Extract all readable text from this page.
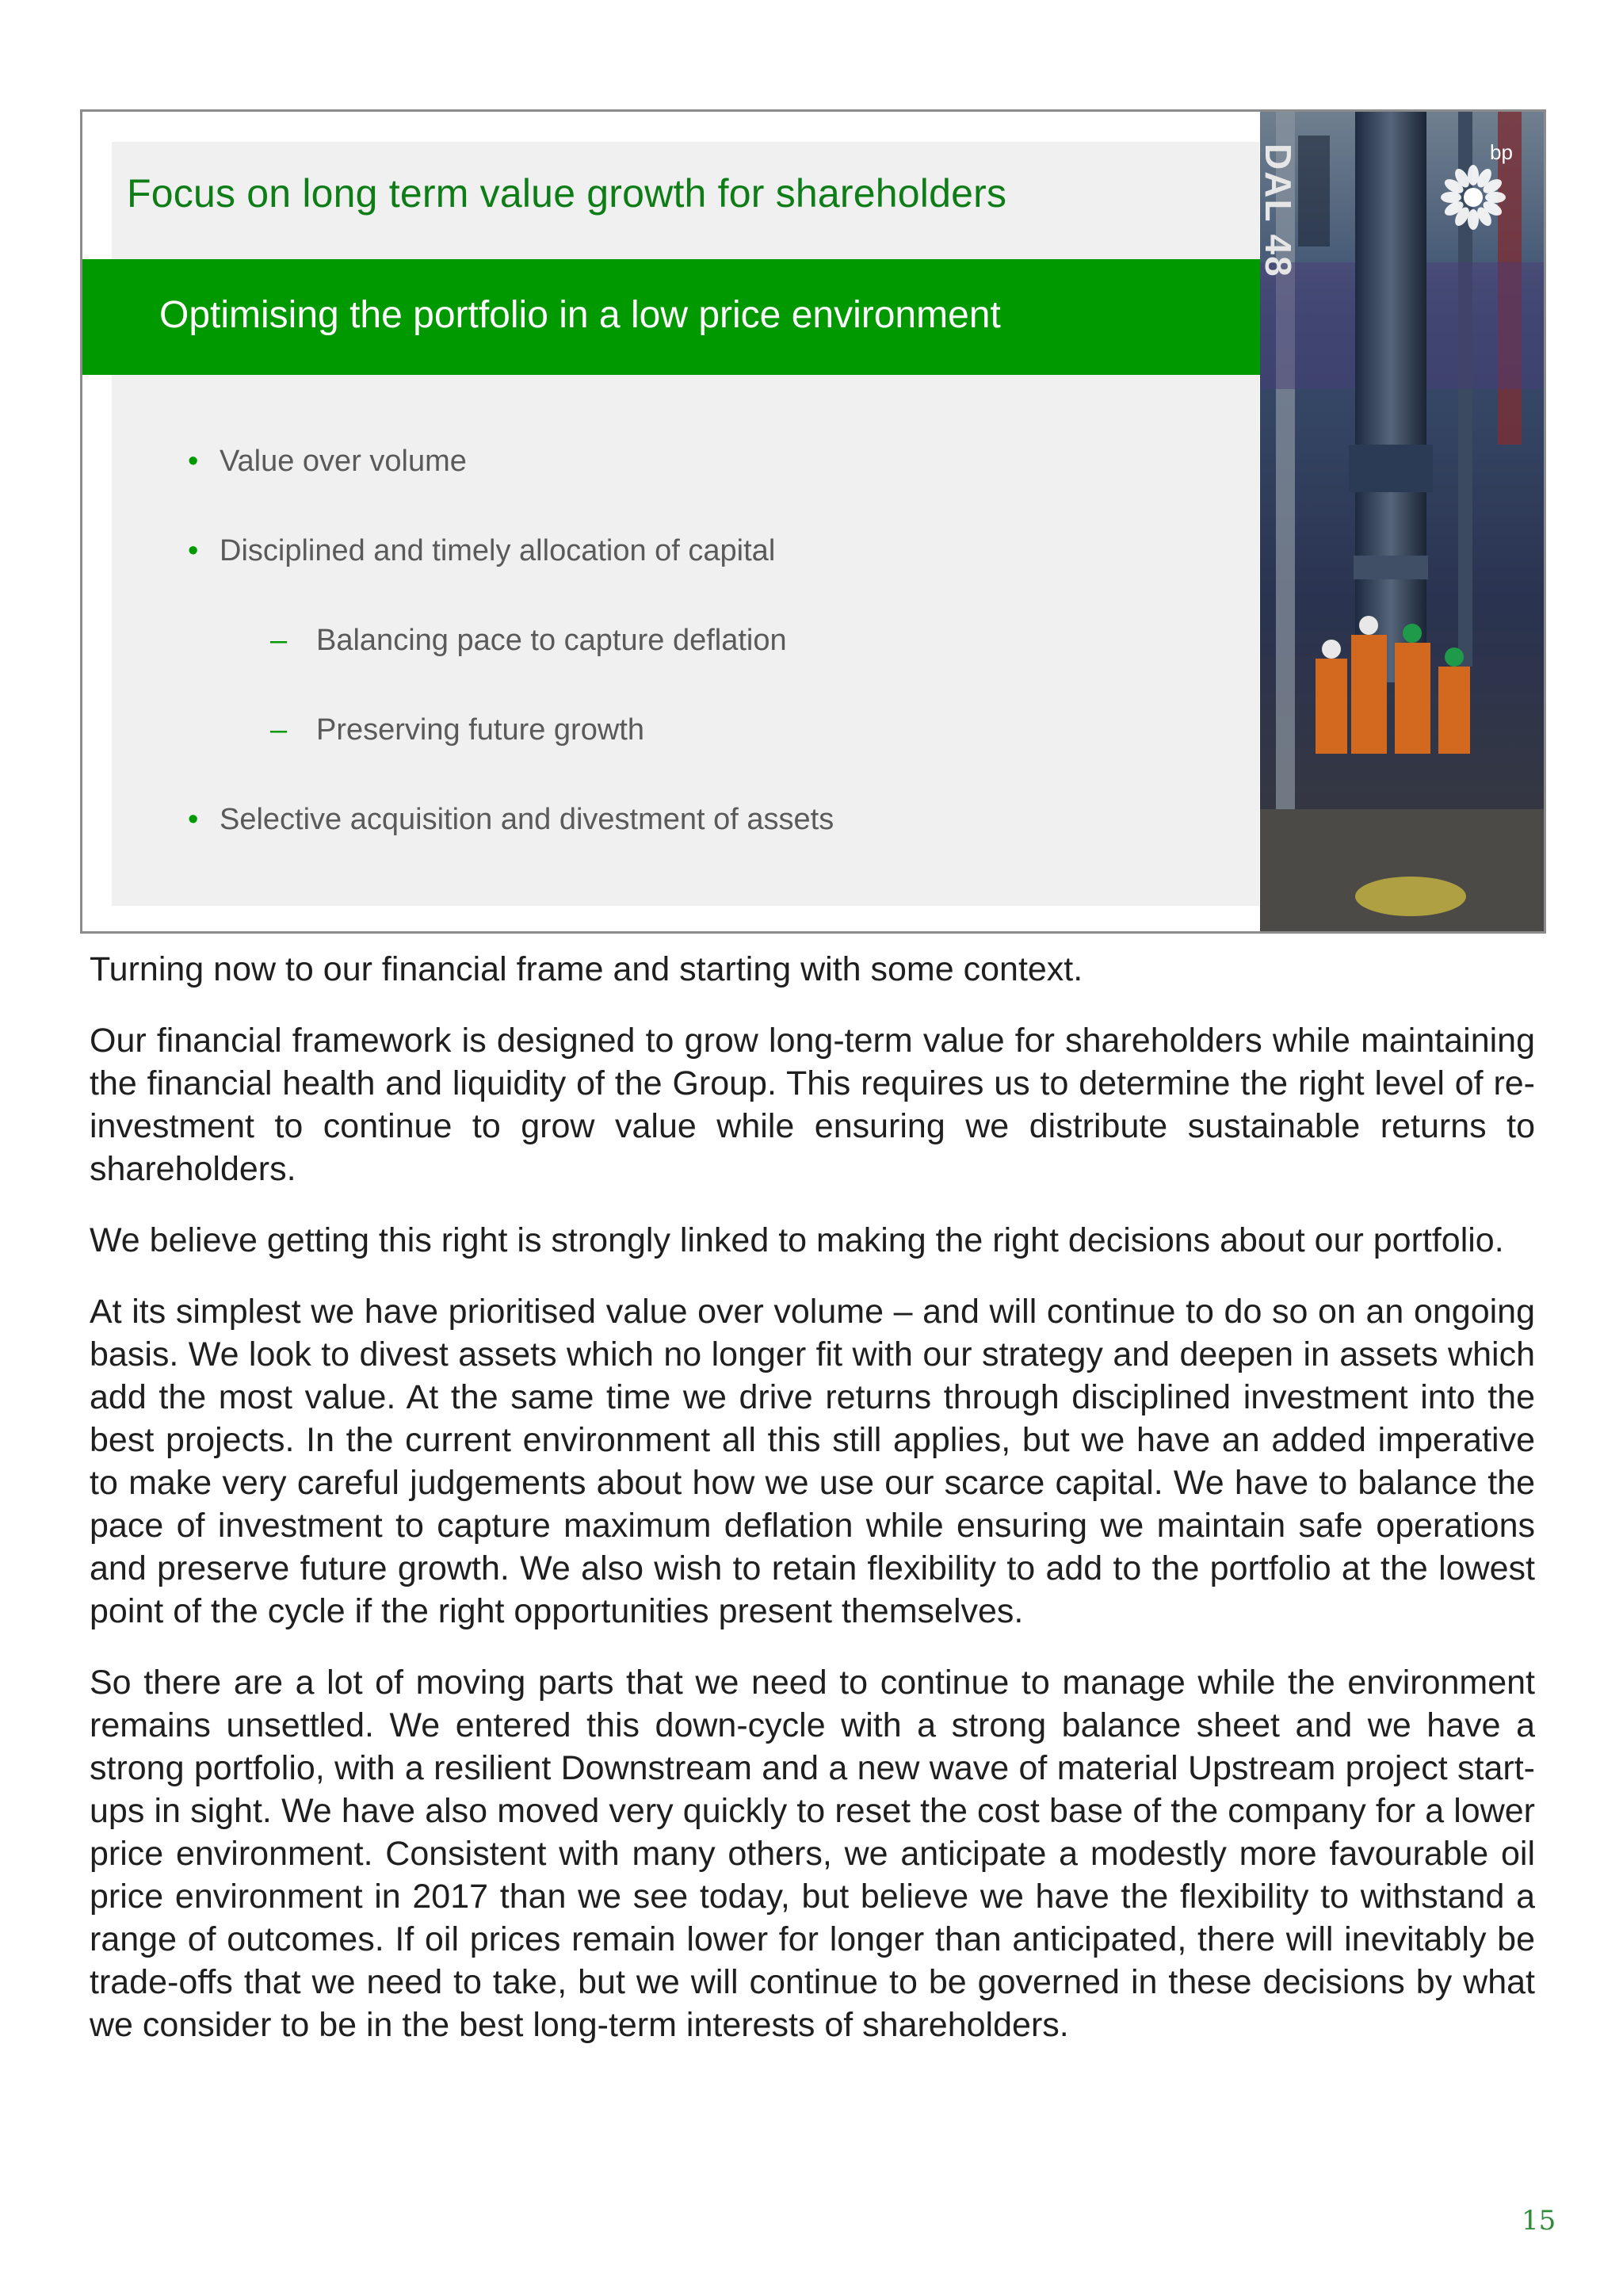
Focus on long term value growth for shareholders
Optimising the portfolio in a low price environment
• Value over volume
• Disciplined and timely allocation of capital
– Balancing pace to capture deflation
– Preserving future growth
• Selective acquisition and divestment of assets
bp
DAL 48

Turning now to our financial frame and starting with some context.

Our financial framework is designed to grow long-term value for shareholders while maintaining the financial health and liquidity of the Group. This requires us to determine the right level of re-investment to continue to grow value while ensuring we distribute sustainable returns to shareholders.

We believe getting this right is strongly linked to making the right decisions about our portfolio.

At its simplest we have prioritised value over volume – and will continue to do so on an ongoing basis. We look to divest assets which no longer fit with our strategy and deepen in assets which add the most value. At the same time we drive returns through disciplined investment into the best projects. In the current environment all this still applies, but we have an added imperative to make very careful judgements about how we use our scarce capital. We have to balance the pace of investment to capture maximum deflation while ensuring we maintain safe operations and preserve future growth. We also wish to retain flexibility to add to the portfolio at the lowest point of the cycle if the right opportunities present themselves.

So there are a lot of moving parts that we need to continue to manage while the environment remains unsettled. We entered this down-cycle with a strong balance sheet and we have a strong portfolio, with a resilient Downstream and a new wave of material Upstream project start-ups in sight. We have also moved very quickly to reset the cost base of the company for a lower price environment. Consistent with many others, we anticipate a modestly more favourable oil price environment in 2017 than we see today, but believe we have the flexibility to withstand a range of outcomes. If oil prices remain lower for longer than anticipated, there will inevitably be trade-offs that we need to take, but we will continue to be governed in these decisions by what we consider to be in the best long-term interests of shareholders.

15
